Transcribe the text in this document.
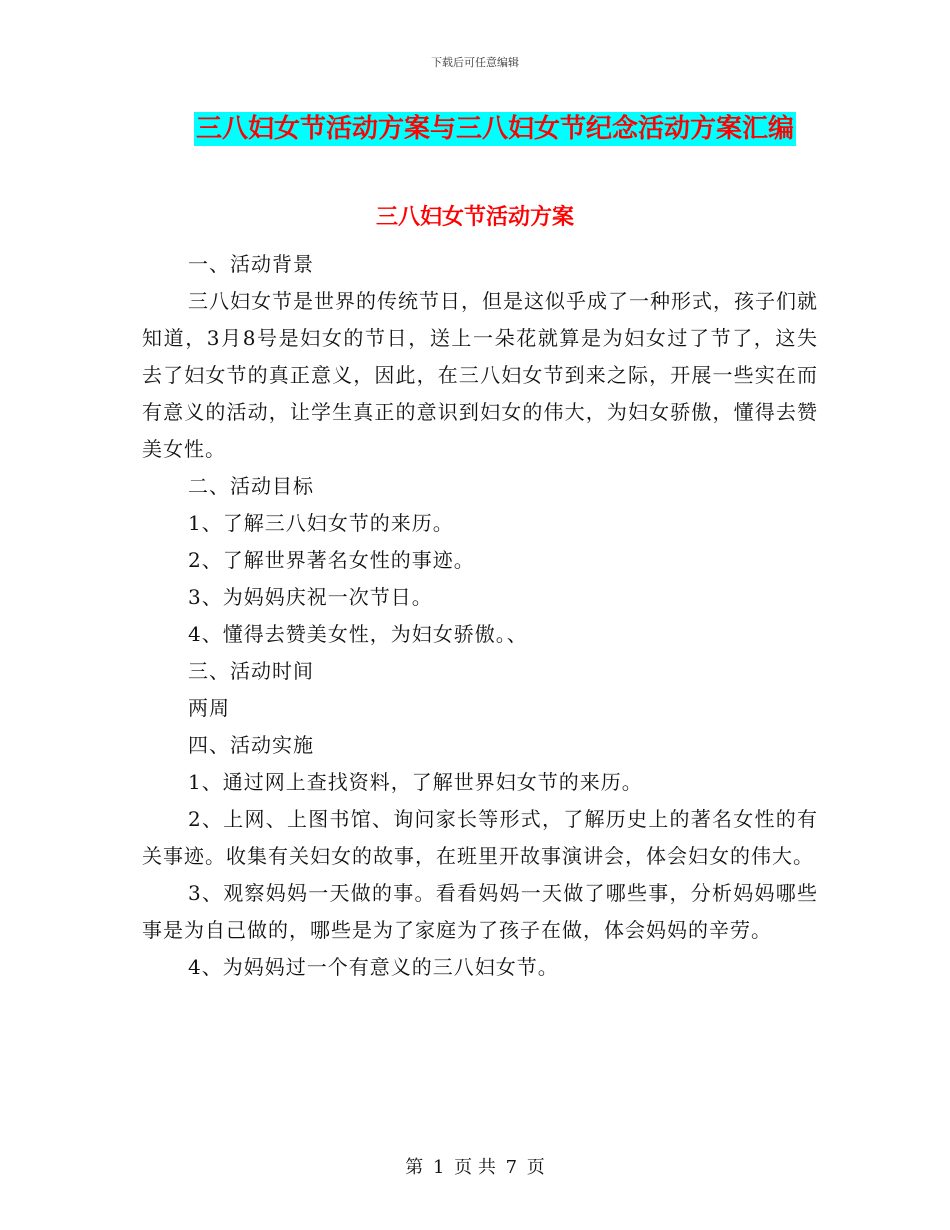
下载后可任意编辑
三八妇女节活动方案与三八妇女节纪念活动方案汇编
三八妇女节活动方案

一、活动背景

三八妇女节是世界的传统节日，但是这似乎成了一种形式，孩子们就知道，3月8号是妇女的节日，送上一朵花就算是为妇女过了节了，这失去了妇女节的真正意义，因此，在三八妇女节到来之际，开展一些实在而有意义的活动，让学生真正的意识到妇女的伟大，为妇女骄傲，懂得去赞美女性。

二、活动目标

1、了解三八妇女节的来历。

2、了解世界著名女性的事迹。

3、为妈妈庆祝一次节日。

4、懂得去赞美女性，为妇女骄傲。、

三、活动时间

两周

四、活动实施

1、通过网上查找资料，了解世界妇女节的来历。

2、上网、上图书馆、询问家长等形式，了解历史上的著名女性的有关事迹。收集有关妇女的故事，在班里开故事演讲会，体会妇女的伟大。

3、观察妈妈一天做的事。看看妈妈一天做了哪些事，分析妈妈哪些事是为自己做的，哪些是为了家庭为了孩子在做，体会妈妈的辛劳。

4、为妈妈过一个有意义的三八妇女节。

第 1 页 共 7 页
